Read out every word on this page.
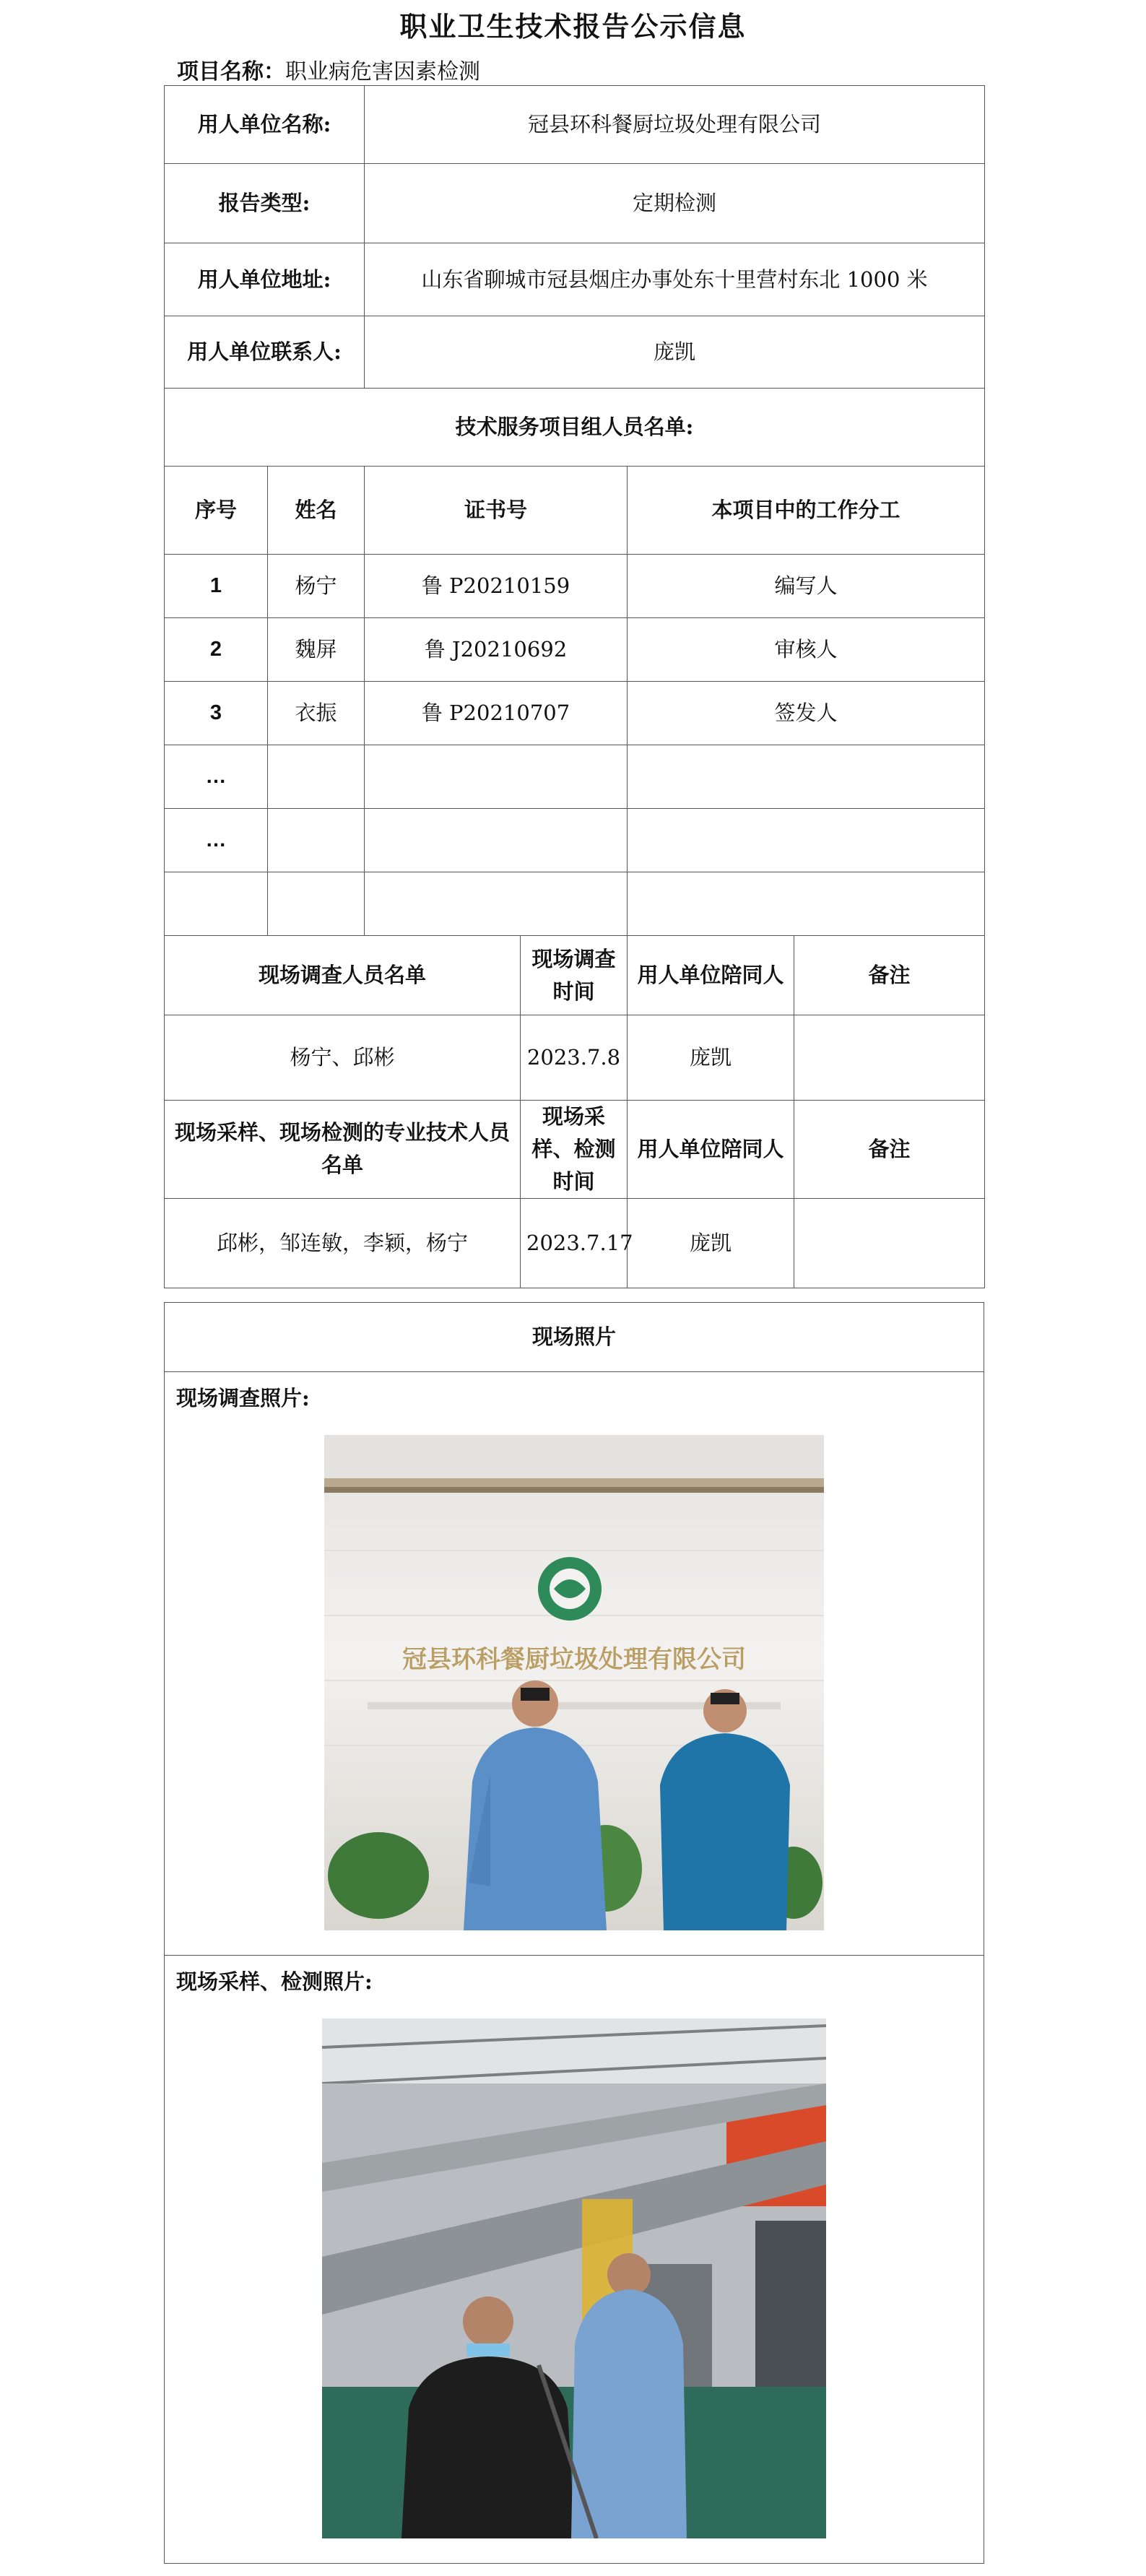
职业卫生技术报告公示信息
项目名称：职业病危害因素检测
用人单位名称:		冠县环科餐厨垃圾处理有限公司			
报告类型:		定期检测			
用人单位地址:		山东省聊城市冠县烟庄办事处东十里营村东北 1000 米			
用人单位联系人:		庞凯			
技术服务项目组人员名单:					
序号	姓名	证书号		本项目中的工作分工	
1	杨宁	鲁 P20210159		编写人	
2	魏屏	鲁 J20210692		审核人	
3	衣振	鲁 P20210707		签发人	
…					
…					

现场调查人员名单			现场调查时间	用人单位陪同人	备注
杨宁、邱彬			2023.7.8	庞凯	
现场采样、现场检测的专业技术人员名单			现场采样、检测时间	用人单位陪同人	备注
邱彬，邹连敏，李颖，杨宁			2023.7.17	庞凯	
现场照片

现场调查照片:
冠县环科餐厨垃圾处理有限公司

现场采样、检测照片:
